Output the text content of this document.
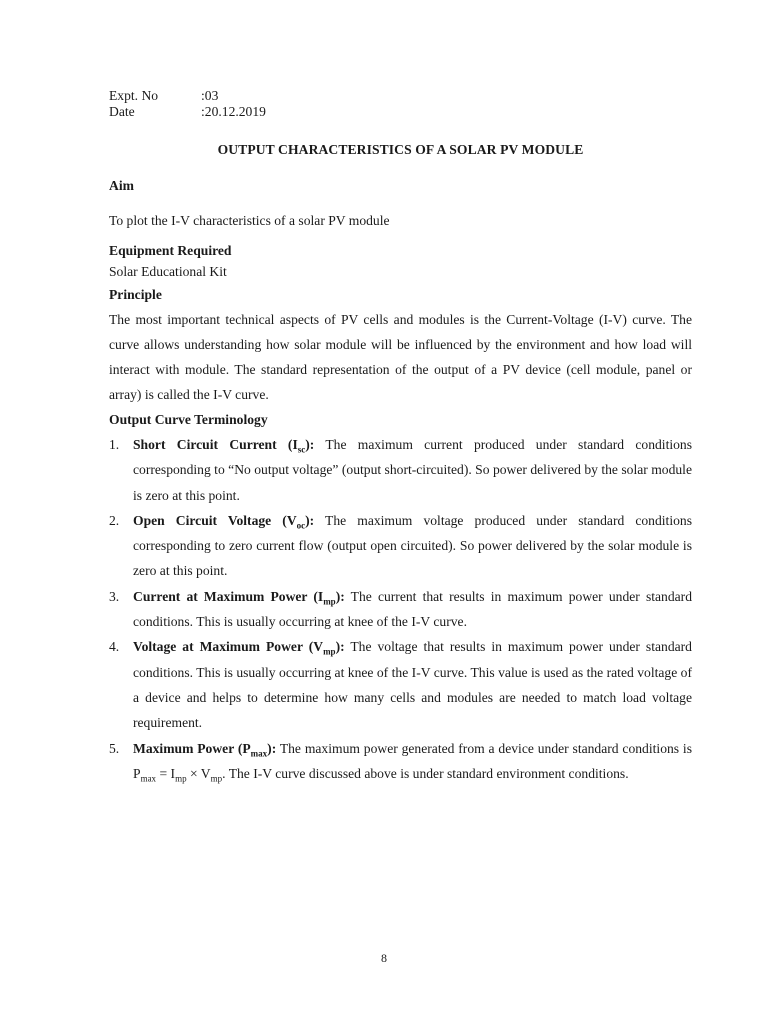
Expt. No	:03
Date	:20.12.2019
OUTPUT CHARACTERISTICS OF A SOLAR PV MODULE
Aim
To plot the I-V characteristics of a solar PV module
Equipment Required
Solar Educational Kit
Principle
The most important technical aspects of PV cells and modules is the Current-Voltage (I-V) curve. The curve allows understanding how solar module will be influenced by the environment and how load will interact with module. The standard representation of the output of a PV device (cell module, panel or array) is called the I-V curve.
Output Curve Terminology
1.	Short Circuit Current $(I_{sc})$: The maximum current produced under standard conditions corresponding to “No output voltage” (output short-circuited). So power delivered by the solar module is zero at this point.
2.	Open Circuit Voltage $(V_{oc})$: The maximum voltage produced under standard conditions corresponding to zero current flow (output open circuited). So power delivered by the solar module is zero at this point.
3.	Current at Maximum Power $(I_{mp})$: The current that results in maximum power under standard conditions. This is usually occurring at knee of the I-V curve.
4.	Voltage at Maximum Power $(V_{mp})$: The voltage that results in maximum power under standard conditions. This is usually occurring at knee of the I-V curve. This value is used as the rated voltage of a device and helps to determine how many cells and modules are needed to match load voltage requirement.
5.	Maximum Power $(P_{max})$: The maximum power generated from a device under standard conditions is $P_{max} = I_{mp} \times V_{mp}$. The I-V curve discussed above is under standard environment conditions.
8
